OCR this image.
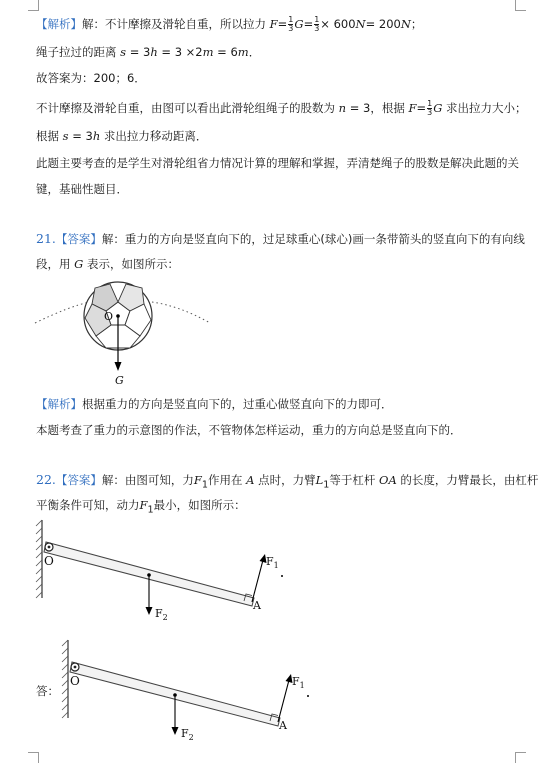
【解析】解：不计摩擦及滑轮自重，所以拉力 $F= \frac{1}{3} G= \frac{1}{3} \times 600N= 200N$；
绳子拉过的距离 s = 3h = 3 ×2m = 6m．
故答案为：200；6．
不计摩擦及滑轮自重，由图可以看出此滑轮组绳子的股数为 n = 3，根据 $F= \frac{1}{3}$ G 求出拉力大小；
根据 s = 3h 求出拉力移动距离．
此题主要考查的是学生对滑轮组省力情况计算的理解和掌握，弄清楚绳子的股数是解决此题的关
键，基础性题目．
21.【答案】解：重力的方向是竖直向下的，过足球重心(球心)画一条带箭头的竖直向下的有向线
段，用 G 表示，如图所示：
O
G
【解析】根据重力的方向是竖直向下的，过重心做竖直向下的力即可．
本题考查了重力的示意图的作法，不管物体怎样运动，重力的方向总是竖直向下的．
22.【答案】解：由图可知，力$F_1$作用在 A 点时，力臂$L_1$等于杠杆 OA 的长度，力臂最长，由杠杆
平衡条件可知，动力$F_1$最小，如图所示：
O
$F_2$
A
$F_1$
答：
O
$F_2$
A
$F_1$
